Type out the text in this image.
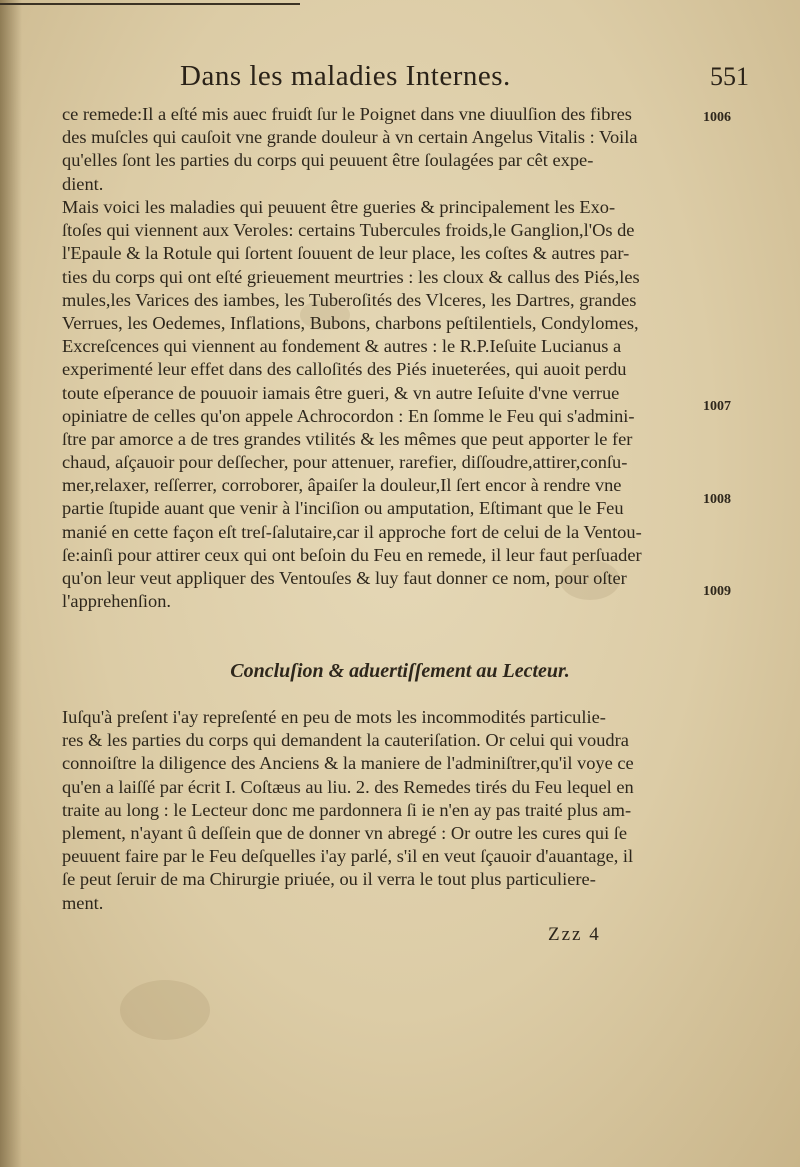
Dans les maladies Internes.	551
ce remede:Il a eſté mis auec fruiɗt ſur le Poignet dans vne diuulſion des fibres
des muſcles qui cauſoit vne grande douleur à vn certain Angelus Vitalis : Voila
qu'elles ſont les parties du corps qui peuuent être ſoulagées par cêt expe-
dient.
Mais voici les maladies qui peuuent être gueries & principalement les Exo-
ſtoſes qui viennent aux Veroles: certains Tubercules froids,le Ganglion,l'Os de
l'Epaule & la Rotule qui ſortent ſouuent de leur place, les coſtes & autres par-
ties du corps qui ont eſté grieuement meurtries : les cloux & callus des Piés,les
mules,les Varices des iambes, les Tuberoſités des Vlceres, les Dartres, grandes
Verrues, les Oedemes, Inflations, Bubons, charbons peſtilentiels, Condylomes,
Excreſcences qui viennent au fondement & autres : le R.P.Ieſuite Lucianus a
experimenté leur effet dans des calloſités des Piés inueterées, qui auoit perdu
toute eſperance de pouuoir iamais être gueri, & vn autre Ieſuite d'vne verrue
opiniatre de celles qu'on appele Achrocordon : En ſomme le Feu qui s'admini-
ſtre par amorce a de tres grandes vtilités & les mêmes que peut apporter le fer
chaud, aſçauoir pour deſſecher, pour attenuer, rarefier, diſſoudre,attirer,conſu-
mer,relaxer, reſſerrer, corroborer, âpaiſer la douleur,Il ſert encor à rendre vne
partie ſtupide auant que venir à l'inciſion ou amputation, Eſtimant que le Feu
manié en cette façon eſt treſ-ſalutaire,car il approche fort de celui de la Ventou-
ſe:ainſi pour attirer ceux qui ont beſoin du Feu en remede, il leur faut perſuader
qu'on leur veut appliquer des Ventouſes & luy faut donner ce nom, pour oſter
l'apprehenſion.
Concluſion & aduertiſſement au Lecteur.
Iuſqu'à preſent i'ay repreſenté en peu de mots les incommodités particulie-
res & les parties du corps qui demandent la cauteriſation. Or celui qui voudra
connoiſtre la diligence des Anciens & la maniere de l'adminiſtrer,qu'il voye ce
qu'en a laiſſé par écrit I. Coſtæus au liu. 2. des Remedes tirés du Feu lequel en
traite au long : le Lecteur donc me pardonnera ſi ie n'en ay pas traité plus am-
plement, n'ayant û deſſein que de donner vn abregé : Or outre les cures qui ſe
peuuent faire par le Feu deſquelles i'ay parlé, s'il en veut ſçauoir d'auantage, il
ſe peut ſeruir de ma Chirurgie priuée, ou il verra le tout plus particuliere-
ment.
Zzz 4
1006
1007
1008
1009
